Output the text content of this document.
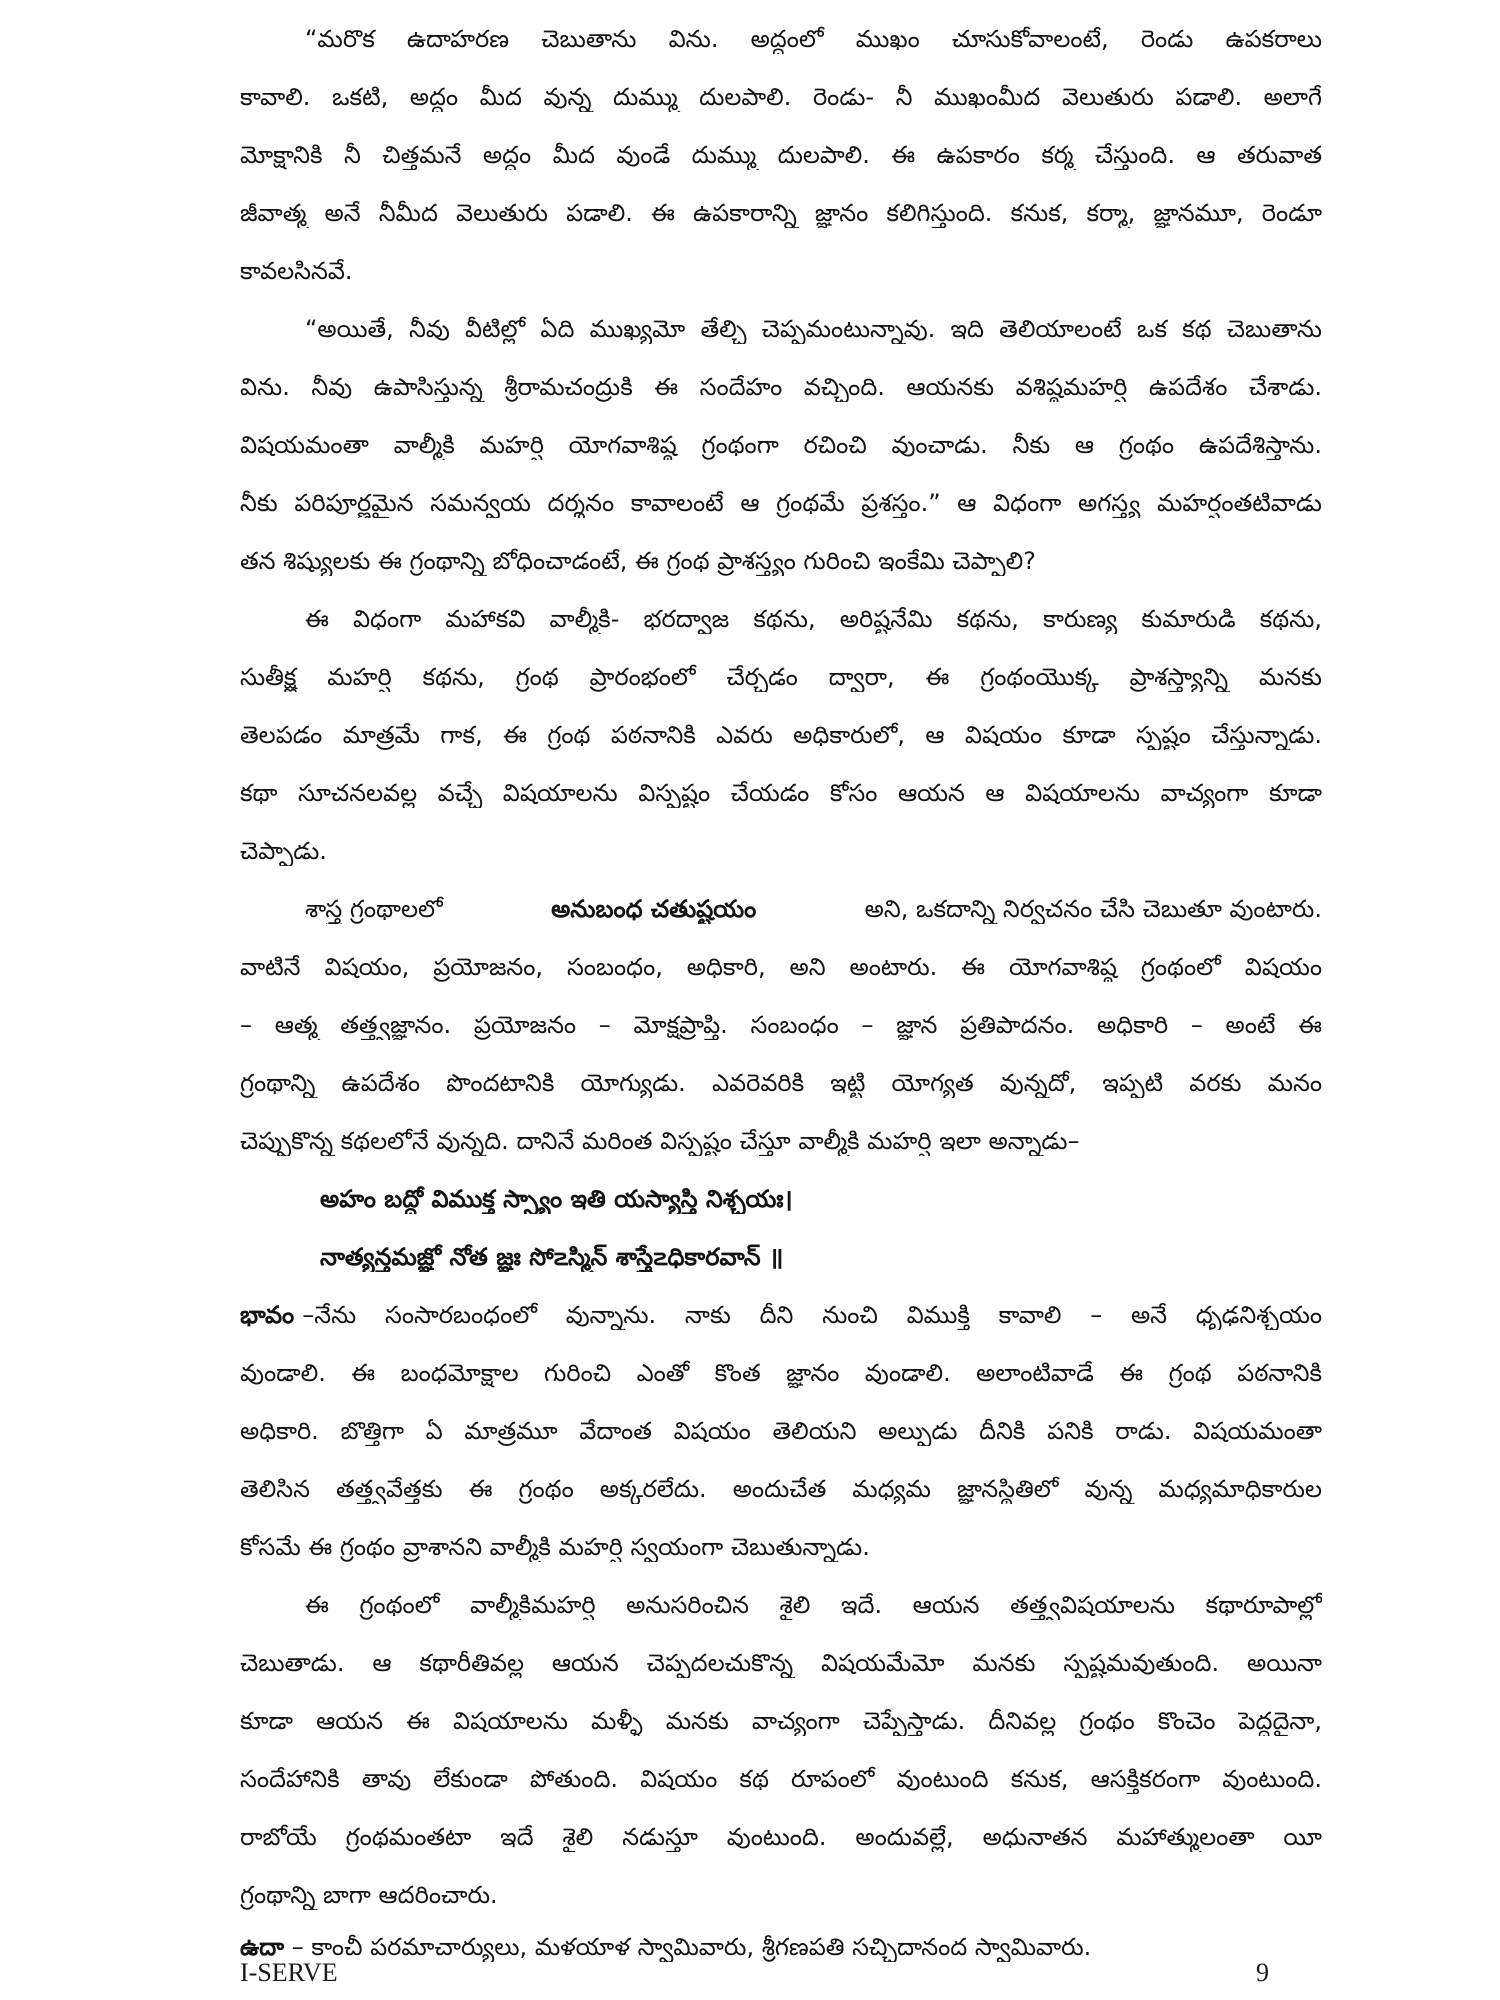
“మరొక ఉదాహరణ చెబుతాను విను. అద్దంలో ముఖం చూసుకోవాలంటే, రెండు ఉపకరాలు
కావాలి. ఒకటి, అద్దం మీద వున్న దుమ్ము దులపాలి. రెండు- నీ ముఖంమీద వెలుతురు పడాలి. అలాగే
మోక్షానికి నీ చిత్తమనే అద్దం మీద వుండే దుమ్ము దులపాలి. ఈ ఉపకారం కర్మ చేస్తుంది. ఆ తరువాత
జీవాత్మ అనే నీమీద వెలుతురు పడాలి. ఈ ఉపకారాన్ని జ్ఞానం కలిగిస్తుంది. కనుక, కర్మా, జ్ఞానమూ, రెండూ
కావలసినవే.
“అయితే, నీవు వీటిల్లో ఏది ముఖ్యమో తేల్చి చెప్పమంటున్నావు. ఇది తెలియాలంటే ఒక కథ చెబుతాను
విను. నీవు ఉపాసిస్తున్న శ్రీరామచంద్రుకి ఈ సందేహం వచ్చింది. ఆయనకు వశిష్ఠమహర్షి ఉపదేశం చేశాడు.
విషయమంతా వాల్మీకి మహర్షి యోగవాశిష్ఠ గ్రంథంగా రచించి వుంచాడు. నీకు ఆ గ్రంథం ఉపదేశిస్తాను.
నీకు పరిపూర్ణమైన సమన్వయ దర్శనం కావాలంటే ఆ గ్రంథమే ప్రశస్తం.” ఆ విధంగా అగస్త్య మహర్షంతటివాడు
తన శిష్యులకు ఈ గ్రంథాన్ని బోధించాడంటే, ఈ గ్రంథ ప్రాశస్త్యం గురించి ఇంకేమి చెప్పాలి?
ఈ విధంగా మహాకవి వాల్మీకి- భరద్వాజ కథను, అరిష్టనేమి కథను, కారుణ్య కుమారుడి కథను,
సుతీక్ష్ణ మహర్షి కథను, గ్రంథ ప్రారంభంలో చేర్చడం ద్వారా, ఈ గ్రంథంయొక్క ప్రాశస్త్యాన్ని మనకు
తెలపడం మాత్రమే గాక, ఈ గ్రంథ పఠనానికి ఎవరు అధికారులో, ఆ విషయం కూడా స్పష్టం చేస్తున్నాడు.
కథా సూచనలవల్ల వచ్చే విషయాలను విస్పష్టం చేయడం కోసం ఆయన ఆ విషయాలను వాచ్యంగా కూడా
చెప్పాడు.
శాస్త్ర గ్రంథాలలో	అనుబంధ చతుష్టయం	అని, ఒకదాన్ని నిర్వచనం చేసి చెబుతూ వుంటారు.
వాటినే విషయం, ప్రయోజనం, సంబంధం, అధికారి, అని అంటారు. ఈ యోగవాశిష్ఠ గ్రంథంలో విషయం
– ఆత్మ తత్త్వజ్ఞానం. ప్రయోజనం – మోక్షప్రాప్తి. సంబంధం – జ్ఞాన ప్రతిపాదనం. అధికారి – అంటే ఈ
గ్రంథాన్ని ఉపదేశం పొందటానికి యోగ్యుడు. ఎవరెవరికి ఇట్టి యోగ్యత వున్నదో, ఇప్పటి వరకు మనం
చెప్పుకొన్న కథలలోనే వున్నది. దానినే మరింత విస్పష్టం చేస్తూ వాల్మీకి మహర్షి ఇలా అన్నాడు–
అహం బద్ధో విముక్త స్స్యాం ఇతి యస్యాస్తి నిశ్చయః।
నాత్యన్తమజ్ఞో నోత జ్ఞః సో౽స్మిన్ శాస్త్రే౽ధికారవాన్ ॥
భావం –నేను సంసారబంధంలో వున్నాను. నాకు దీని నుంచి విముక్తి కావాలి – అనే ధృఢనిశ్చయం
వుండాలి. ఈ బంధమోక్షాల గురించి ఎంతో కొంత జ్ఞానం వుండాలి. అలాంటివాడే ఈ గ్రంథ పఠనానికి
అధికారి. బొత్తిగా ఏ మాత్రమూ వేదాంత విషయం తెలియని అల్పుడు దీనికి పనికి రాడు. విషయమంతా
తెలిసిన తత్త్వవేత్తకు ఈ గ్రంథం అక్కరలేదు. అందుచేత మధ్యమ జ్ఞానస్థితిలో వున్న మధ్యమాధికారుల
కోసమే ఈ గ్రంథం వ్రాశానని వాల్మీకి మహర్షి స్వయంగా చెబుతున్నాడు.
ఈ గ్రంథంలో వాల్మీకిమహర్షి అనుసరించిన శైలి ఇదే. ఆయన తత్త్వవిషయాలను కథారూపాల్లో
చెబుతాడు. ఆ కథారీతివల్ల ఆయన చెప్పదలచుకొన్న విషయమేమో మనకు స్పష్టమవుతుంది. అయినా
కూడా ఆయన ఈ విషయాలను మళ్ళీ మనకు వాచ్యంగా చెప్పేస్తాడు. దీనివల్ల గ్రంథం కొంచెం పెద్దదైనా,
సందేహానికి తావు లేకుండా పోతుంది. విషయం కథ రూపంలో వుంటుంది కనుక, ఆసక్తికరంగా వుంటుంది.
రాబోయే గ్రంథమంతటా ఇదే శైలి నడుస్తూ వుంటుంది. అందువల్లే, అధునాతన మహాత్ములంతా యీ
గ్రంథాన్ని బాగా ఆదరించారు.
ఉదా – కాంచీ పరమాచార్యులు, మళయాళ స్వామివారు, శ్రీగణపతి సచ్చిదానంద స్వామివారు.
I-SERVE	9
